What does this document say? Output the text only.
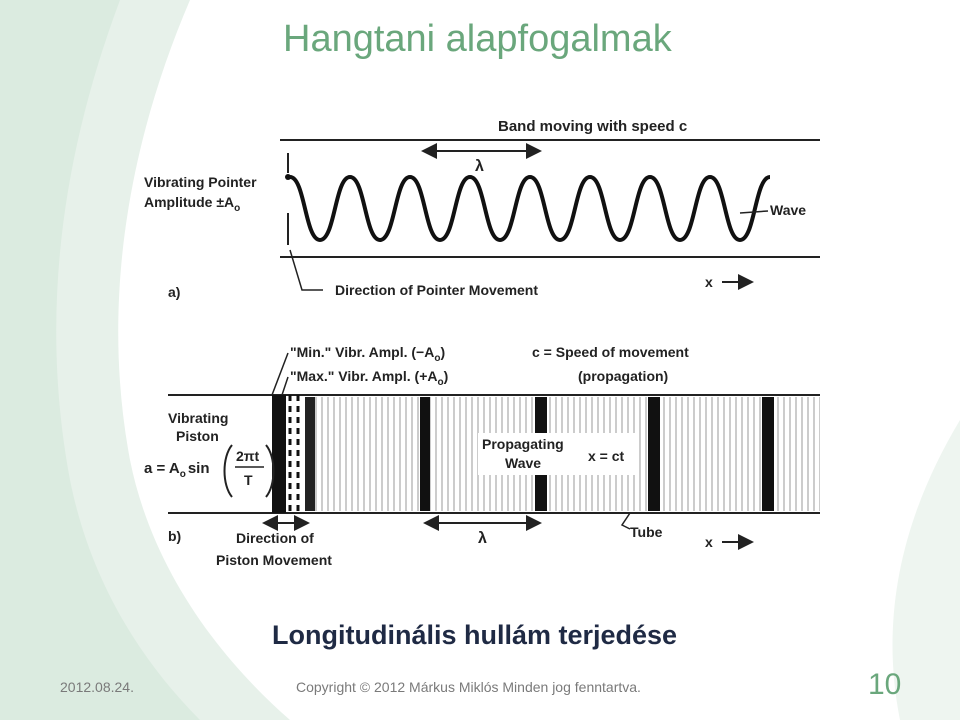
Hangtani alapfogalmak
Band moving with speed c
λ
Vibrating Pointer
Amplitude $\pm A_o$	Wave
a)	Direction of Pointer Movement	x
"Min." Vibr. Ampl. $(-A_o)$
"Max." Vibr. Ampl. $(+A_o)$
c = Speed of movement
(propagation)
Propagating
Wave	x = ct
Vibrating
Piston
$a = A_o$ sin
2πt
T
b)	Direction of
Piston Movement
λ	Tube
x
Longitudinális hullám terjedése
2012.08.24.	Copyright © 2012 Márkus Miklós Minden jog fenntartva.	10
